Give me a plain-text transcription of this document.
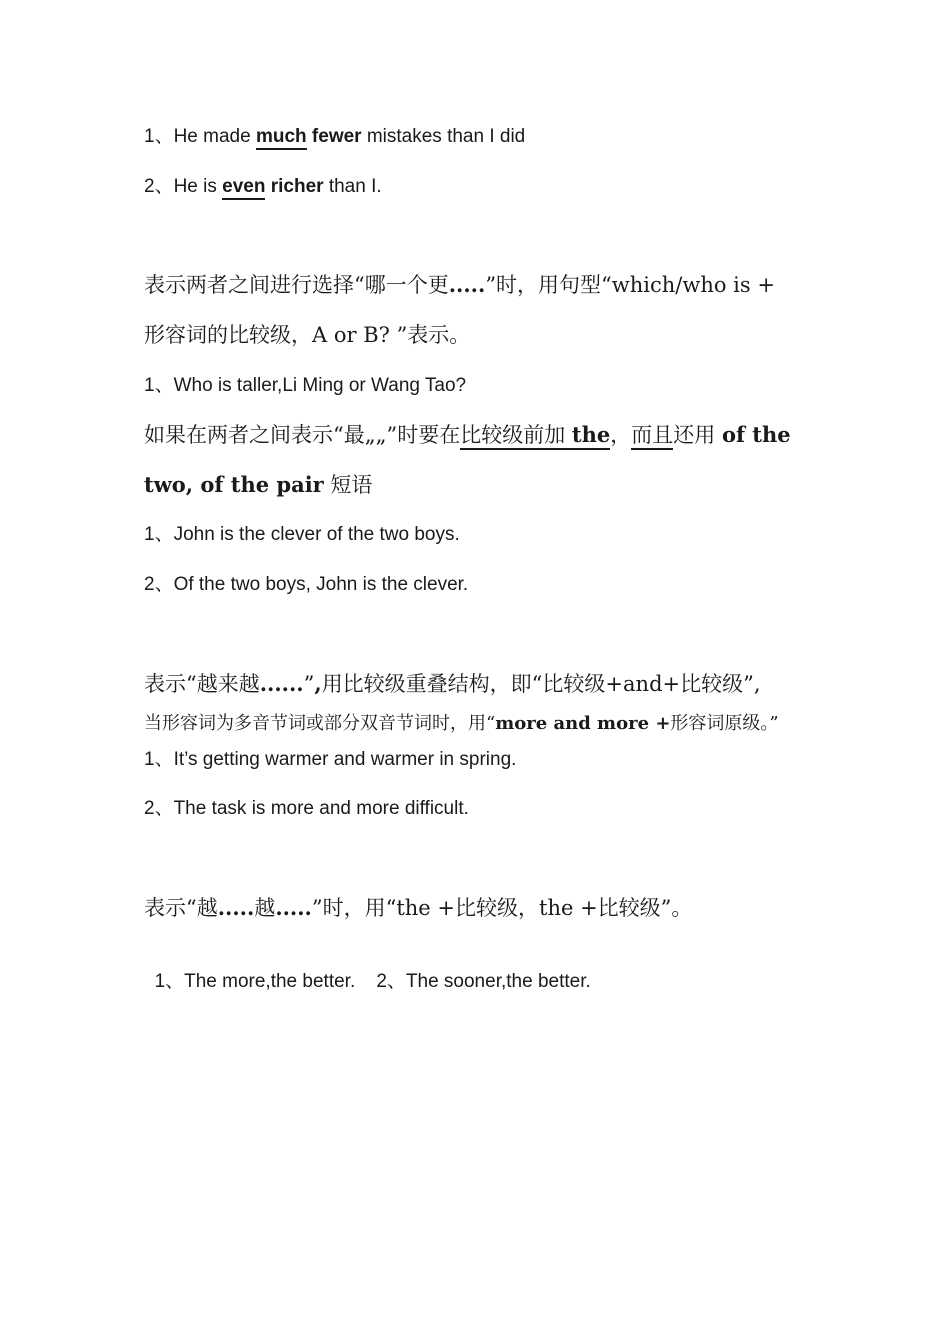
1、He made much fewer mistakes than I did
2、He is even richer than I.
表示两者之间进行选择“哪一个更.....”时，用句型“which/who is +
形容词的比较级，A or B? ”表示。
1、Who is taller,Li Ming or Wang Tao?
如果在两者之间表示“最„„”时要在比较级前加 the，而且还用 of the
two, of the pair 短语
1、John is the clever of the two boys.
2、Of the two boys, John is the clever.
表示“越来越......”,用比较级重叠结构，即“比较级+and+比较级”,
当形容词为多音节词或部分双音节词时，用“more and more +形容词原级。”
1、It’s getting warmer and warmer in spring.
2、The task is more and more difficult.
表示“越.....越.....”时，用“the +比较级，the +比较级”。

1、The more,the better.    2、The sooner,the better.
